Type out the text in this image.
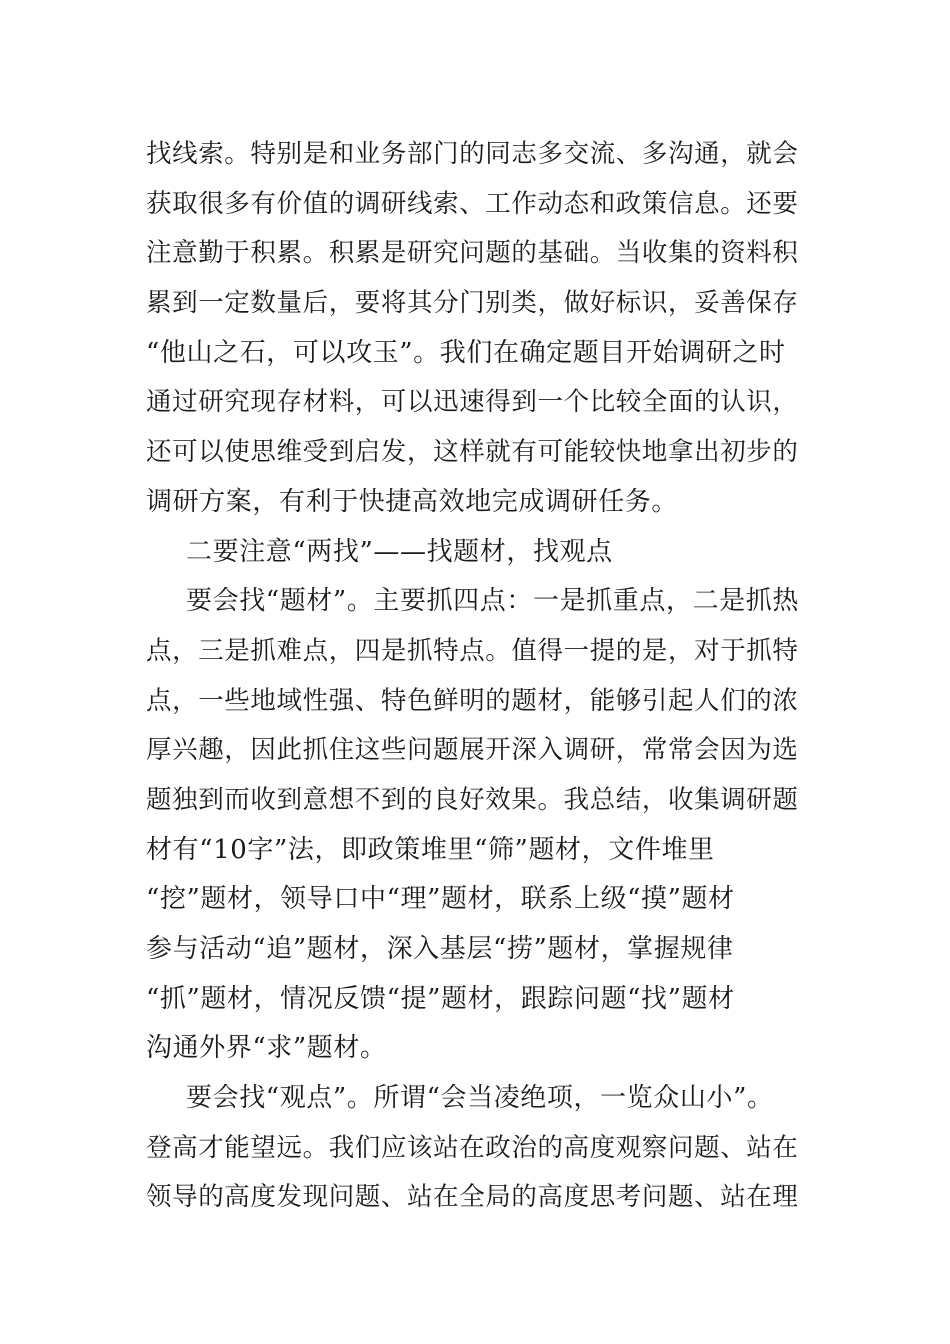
找线索。特别是和业务部门的同志多交流、多沟通，就会
获取很多有价值的调研线索、工作动态和政策信息。还要
注意勤于积累。积累是研究问题的基础。当收集的资料积
累到一定数量后，要将其分门别类，做好标识，妥善保存
“他山之石，可以攻玉”。我们在确定题目开始调研之时
通过研究现存材料，可以迅速得到一个比较全面的认识，
还可以使思维受到启发，这样就有可能较快地拿出初步的
调研方案，有利于快捷高效地完成调研任务。
二要注意“两找”——找题材，找观点
要会找“题材”。主要抓四点：一是抓重点，二是抓热
点，三是抓难点，四是抓特点。值得一提的是，对于抓特
点，一些地域性强、特色鲜明的题材，能够引起人们的浓
厚兴趣，因此抓住这些问题展开深入调研，常常会因为选
题独到而收到意想不到的良好效果。我总结，收集调研题
材有“10字”法，即政策堆里“筛”题材，文件堆里
“挖”题材，领导口中“理”题材，联系上级“摸”题材
参与活动“追”题材，深入基层“捞”题材，掌握规律
“抓”题材，情况反馈“提”题材，跟踪问题“找”题材
沟通外界“求”题材。
要会找“观点”。所谓“会当凌绝项，一览众山小”。
登高才能望远。我们应该站在政治的高度观察问题、站在
领导的高度发现问题、站在全局的高度思考问题、站在理
